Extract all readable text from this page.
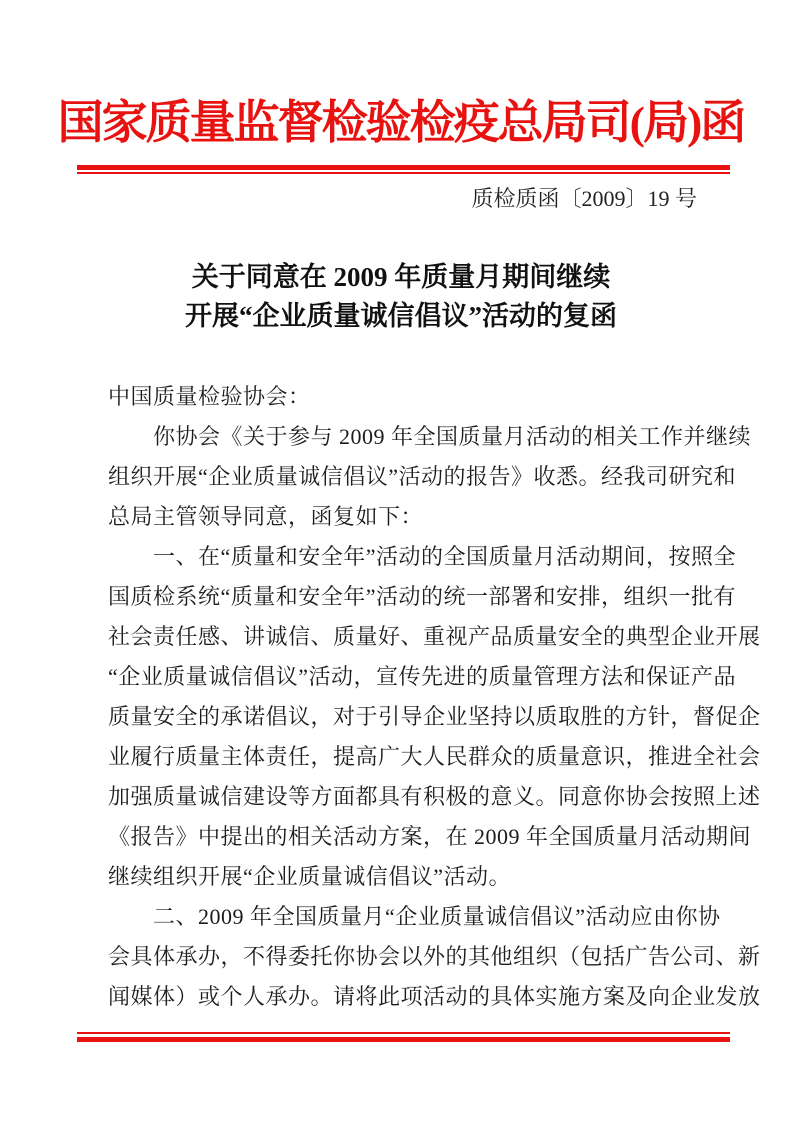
国家质量监督检验检疫总局司(局)函
质检质函〔2009〕19 号
关于同意在 2009 年质量月期间继续
开展“企业质量诚信倡议”活动的复函
中国质量检验协会：
　　你协会《关于参与 2009 年全国质量月活动的相关工作并继续
组织开展“企业质量诚信倡议”活动的报告》收悉。经我司研究和
总局主管领导同意，函复如下：
　　一、在“质量和安全年”活动的全国质量月活动期间，按照全
国质检系统“质量和安全年”活动的统一部署和安排，组织一批有
社会责任感、讲诚信、质量好、重视产品质量安全的典型企业开展
“企业质量诚信倡议”活动，宣传先进的质量管理方法和保证产品
质量安全的承诺倡议，对于引导企业坚持以质取胜的方针，督促企
业履行质量主体责任，提高广大人民群众的质量意识，推进全社会
加强质量诚信建设等方面都具有积极的意义。同意你协会按照上述
《报告》中提出的相关活动方案，在 2009 年全国质量月活动期间
继续组织开展“企业质量诚信倡议”活动。
　　二、2009 年全国质量月“企业质量诚信倡议”活动应由你协
会具体承办，不得委托你协会以外的其他组织（包括广告公司、新
闻媒体）或个人承办。请将此项活动的具体实施方案及向企业发放
